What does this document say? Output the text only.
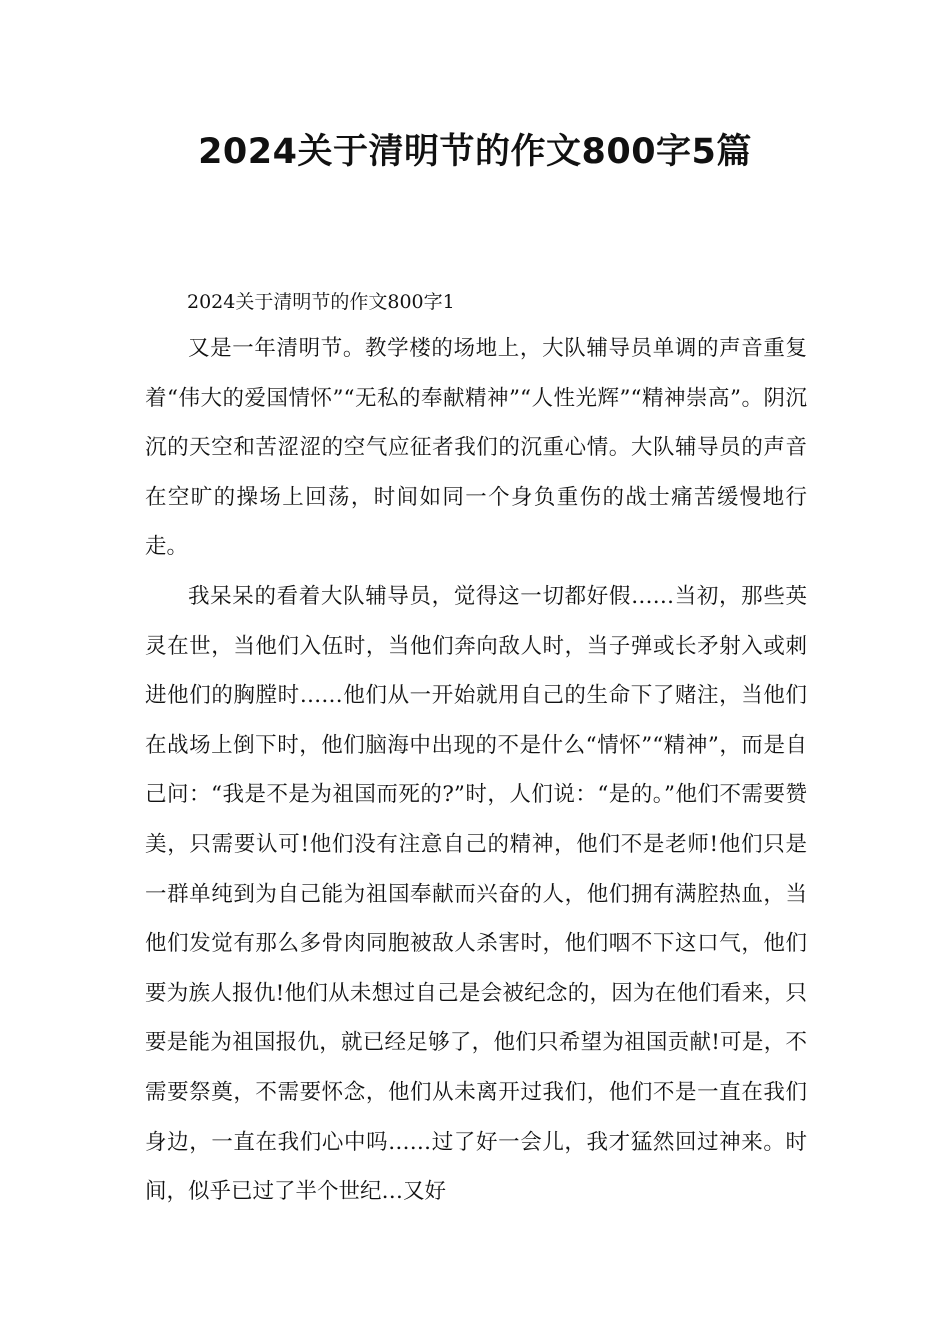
2024关于清明节的作文800字5篇

2024关于清明节的作文800字1

又是一年清明节。教学楼的场地上，大队辅导员单调的声音重复着“伟大的爱国情怀”“无私的奉献精神”“人性光辉”“精神崇高”。阴沉沉的天空和苦涩涩的空气应征者我们的沉重心情。大队辅导员的声音在空旷的操场上回荡，时间如同一个身负重伤的战士痛苦缓慢地行走。

我呆呆的看着大队辅导员，觉得这一切都好假……当初，那些英灵在世，当他们入伍时，当他们奔向敌人时，当子弹或长矛射入或刺进他们的胸膛时……他们从一开始就用自己的生命下了赌注，当他们在战场上倒下时，他们脑海中出现的不是什么“情怀”“精神”，而是自己问：“我是不是为祖国而死的?”时，人们说：“是的。”他们不需要赞美，只需要认可!他们没有注意自己的精神，他们不是老师!他们只是一群单纯到为自己能为祖国奉献而兴奋的人，他们拥有满腔热血，当他们发觉有那么多骨肉同胞被敌人杀害时，他们咽不下这口气，他们要为族人报仇!他们从未想过自己是会被纪念的，因为在他们看来，只要是能为祖国报仇，就已经足够了，他们只希望为祖国贡献!可是，不需要祭奠，不需要怀念，他们从未离开过我们，他们不是一直在我们身边，一直在我们心中吗……过了好一会儿，我才猛然回过神来。时间，似乎已过了半个世纪…又好
